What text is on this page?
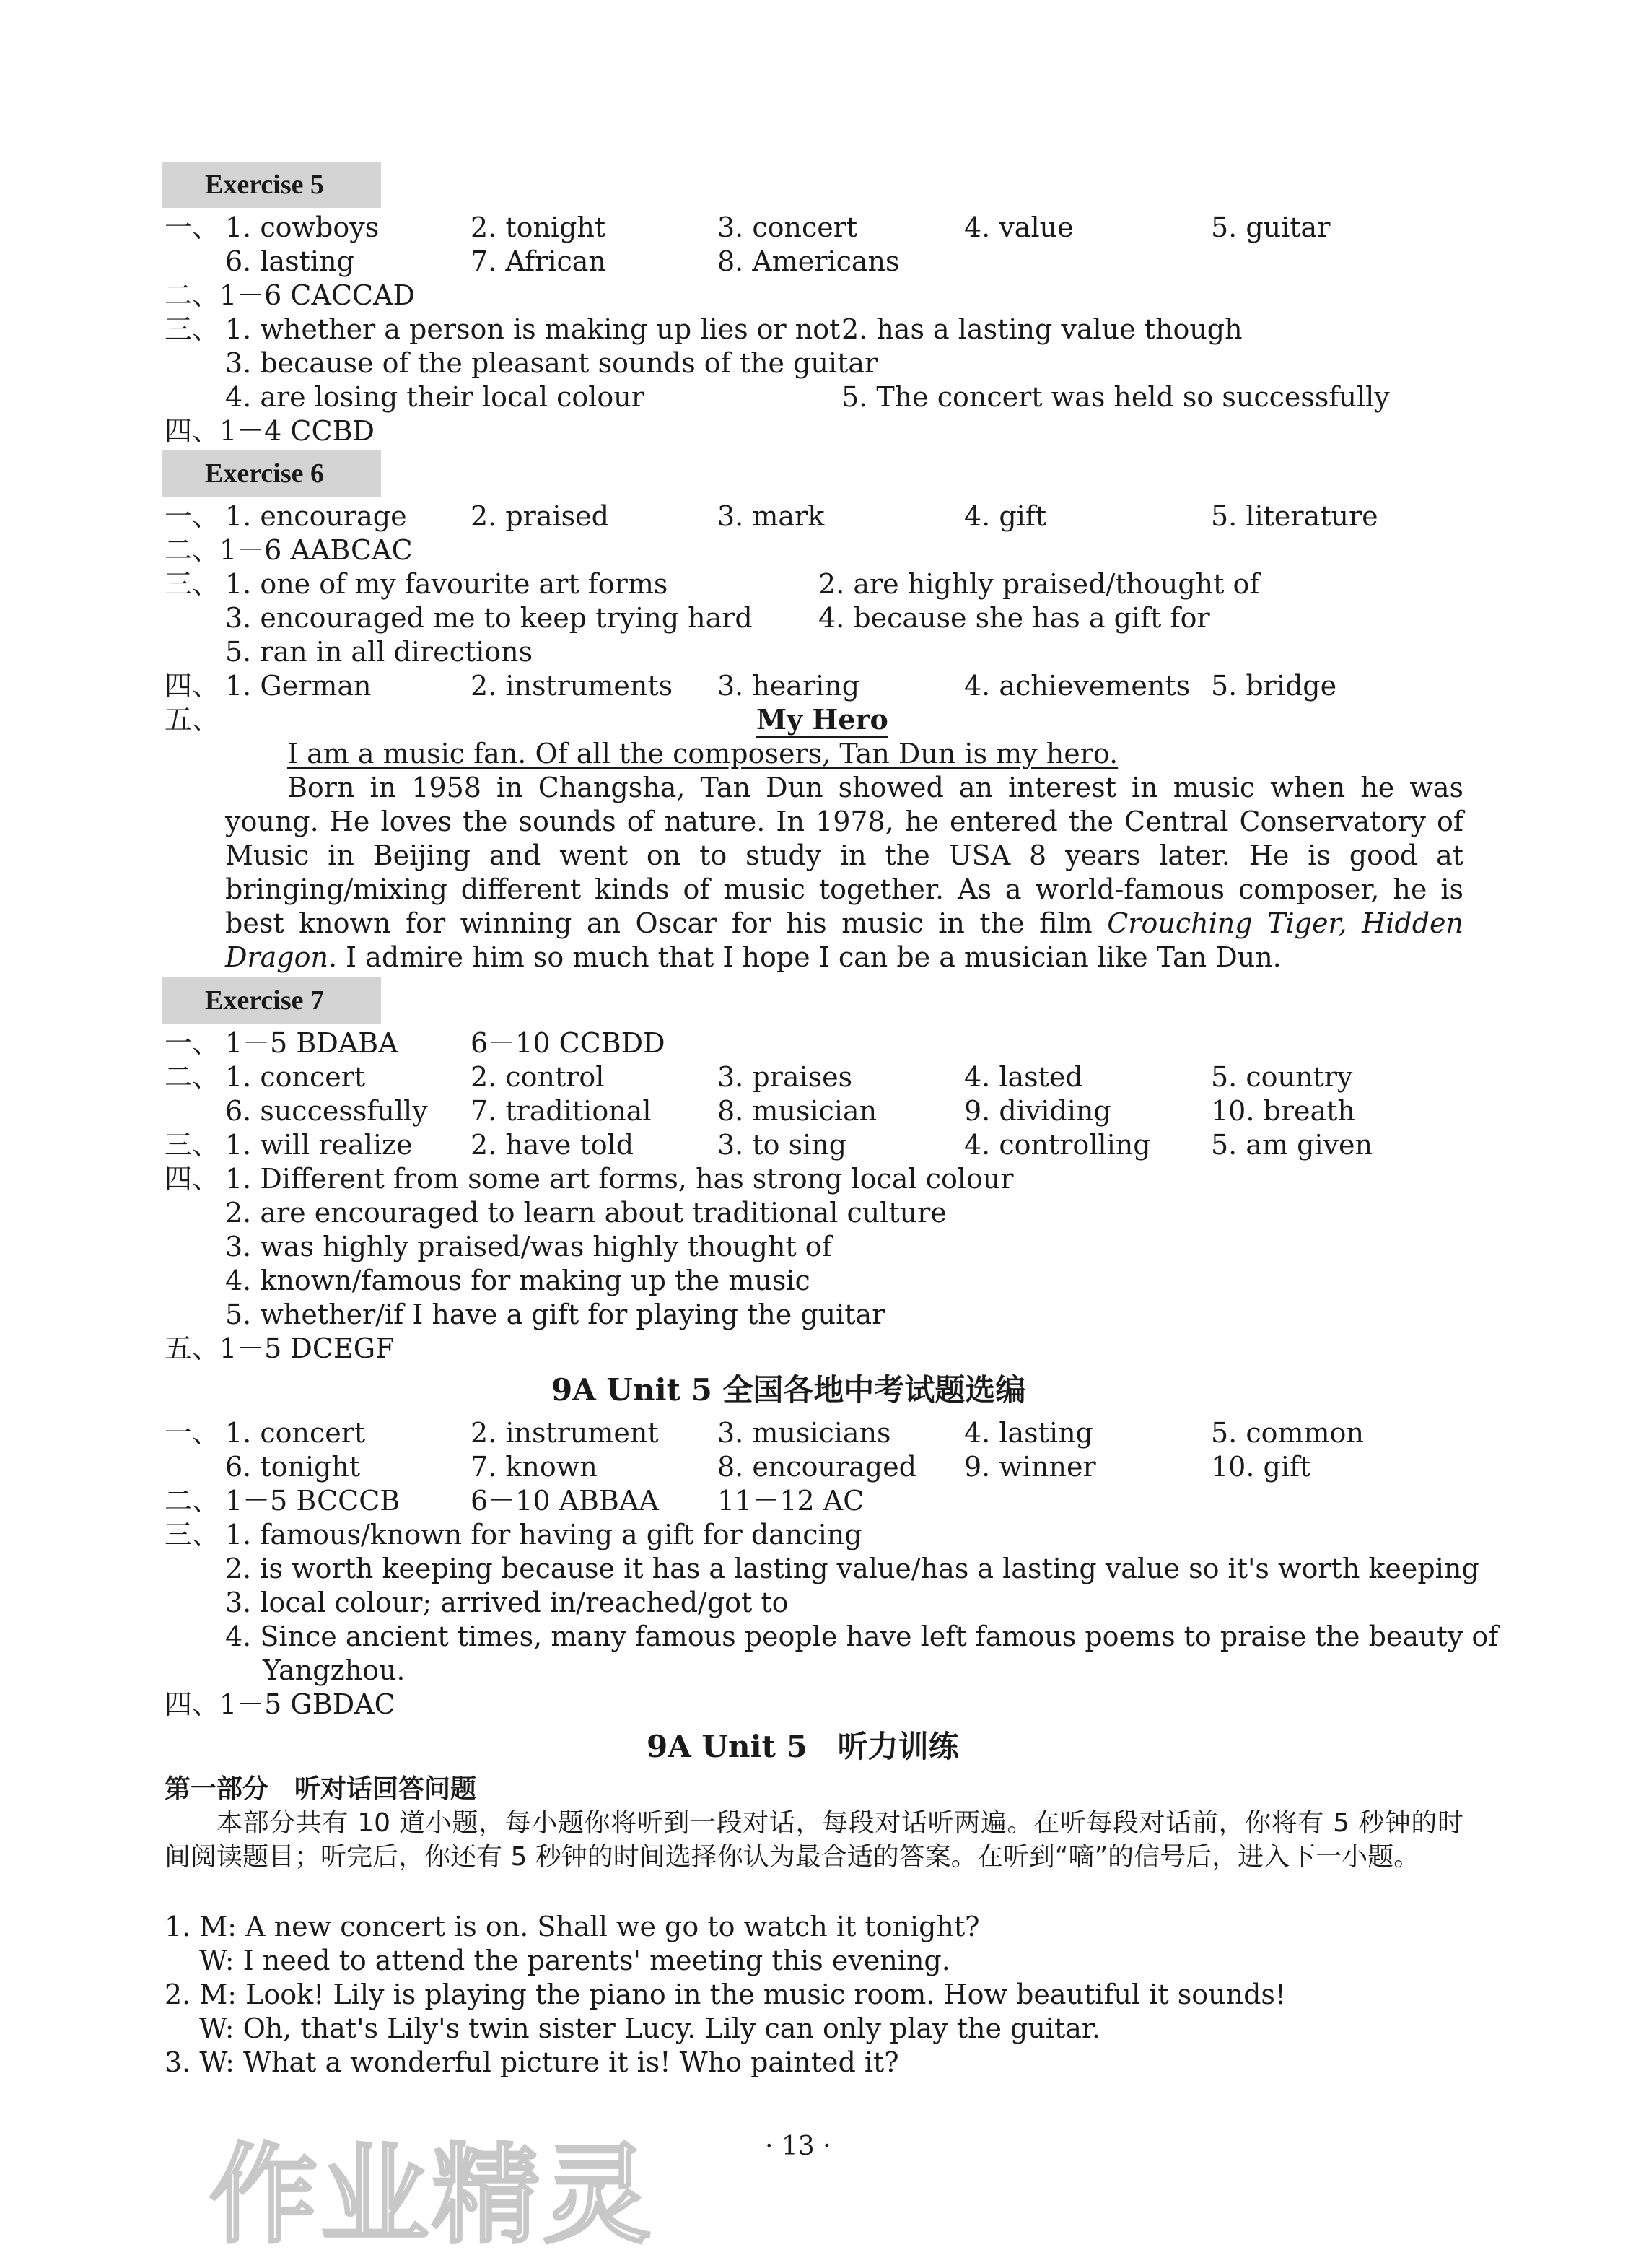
Exercise 5
一、 1. cowboys	2. tonight	3. concert	4. value	5. guitar
6. lasting	7. African	8. Americans
二、1－6 CACCAD
三、 1. whether a person is making up lies or not 2. has a lasting value though
3. because of the pleasant sounds of the guitar
4. are losing their local colour	5. The concert was held so successfully
四、1－4 CCBD
Exercise 6
一、 1. encourage 2. praised	3. mark	4. gift	5. literature
二、1－6 AABCAC
三、 1. one of my favourite art forms	2. are highly praised/thought of
3. encouraged me to keep trying hard 4. because she has a gift for
5. ran in all directions
四、 1. German	2. instruments 3. hearing	4. achievements 5. bridge
五、	My Hero

I am a music fan. Of all the composers, Tan Dun is my hero.

Born in 1958 in Changsha, Tan Dun showed an interest in music when he was young. He loves the sounds of nature. In 1978, he entered the Central Conservatory of Music in Beijing and went on to study in the USA 8 years later. He is good at bringing/mixing different kinds of music together. As a world-famous composer, he is best known for winning an Oscar for his music in the film Crouching Tiger, Hidden Dragon. I admire him so much that I hope I can be a musician like Tan Dun.

Exercise 7
一、 1－5 BDABA	6－10 CCBDD
二、 1. concert	2. control	3. praises	4. lasted	5. country
6. successfully 7. traditional 8. musician	9. dividing	10. breath
三、 1. will realize 2. have told	3. to sing	4. controlling 5. am given
四、 1. Different from some art forms, has strong local colour
2. are encouraged to learn about traditional culture
3. was highly praised/was highly thought of
4. known/famous for making up the music
5. whether/if I have a gift for playing the guitar
五、1－5 DCEGF
9A Unit 5 全国各地中考试题选编
一、 1. concert	2. instrument 3. musicians	4. lasting	5. common
6. tonight	7. known	8. encouraged 9. winner	10. gift
二、 1－5 BCCCB	6－10 ABBAA 11－12 AC
三、 1. famous/known for having a gift for dancing
2. is worth keeping because it has a lasting value/has a lasting value so it's worth keeping
3. local colour; arrived in/reached/got to
4. Since ancient times, many famous people have left famous poems to praise the beauty of
Yangzhou.
四、1－5 GBDAC
9A Unit 5　听力训练
第一部分　听对话回答问题
本部分共有 10 道小题，每小题你将听到一段对话，每段对话听两遍。在听每段对话前，你将有 5 秒钟的时间阅读题目；听完后，你还有 5 秒钟的时间选择你认为最合适的答案。在听到“嘀”的信号后，进入下一小题。
1. M: A new concert is on. Shall we go to watch it tonight?
W: I need to attend the parents' meeting this evening.
2. M: Look! Lily is playing the piano in the music room. How beautiful it sounds!
W: Oh, that's Lily's twin sister Lucy. Lily can only play the guitar.
3. W: What a wonderful picture it is! Who painted it?
· 13 ·
作业精灵
